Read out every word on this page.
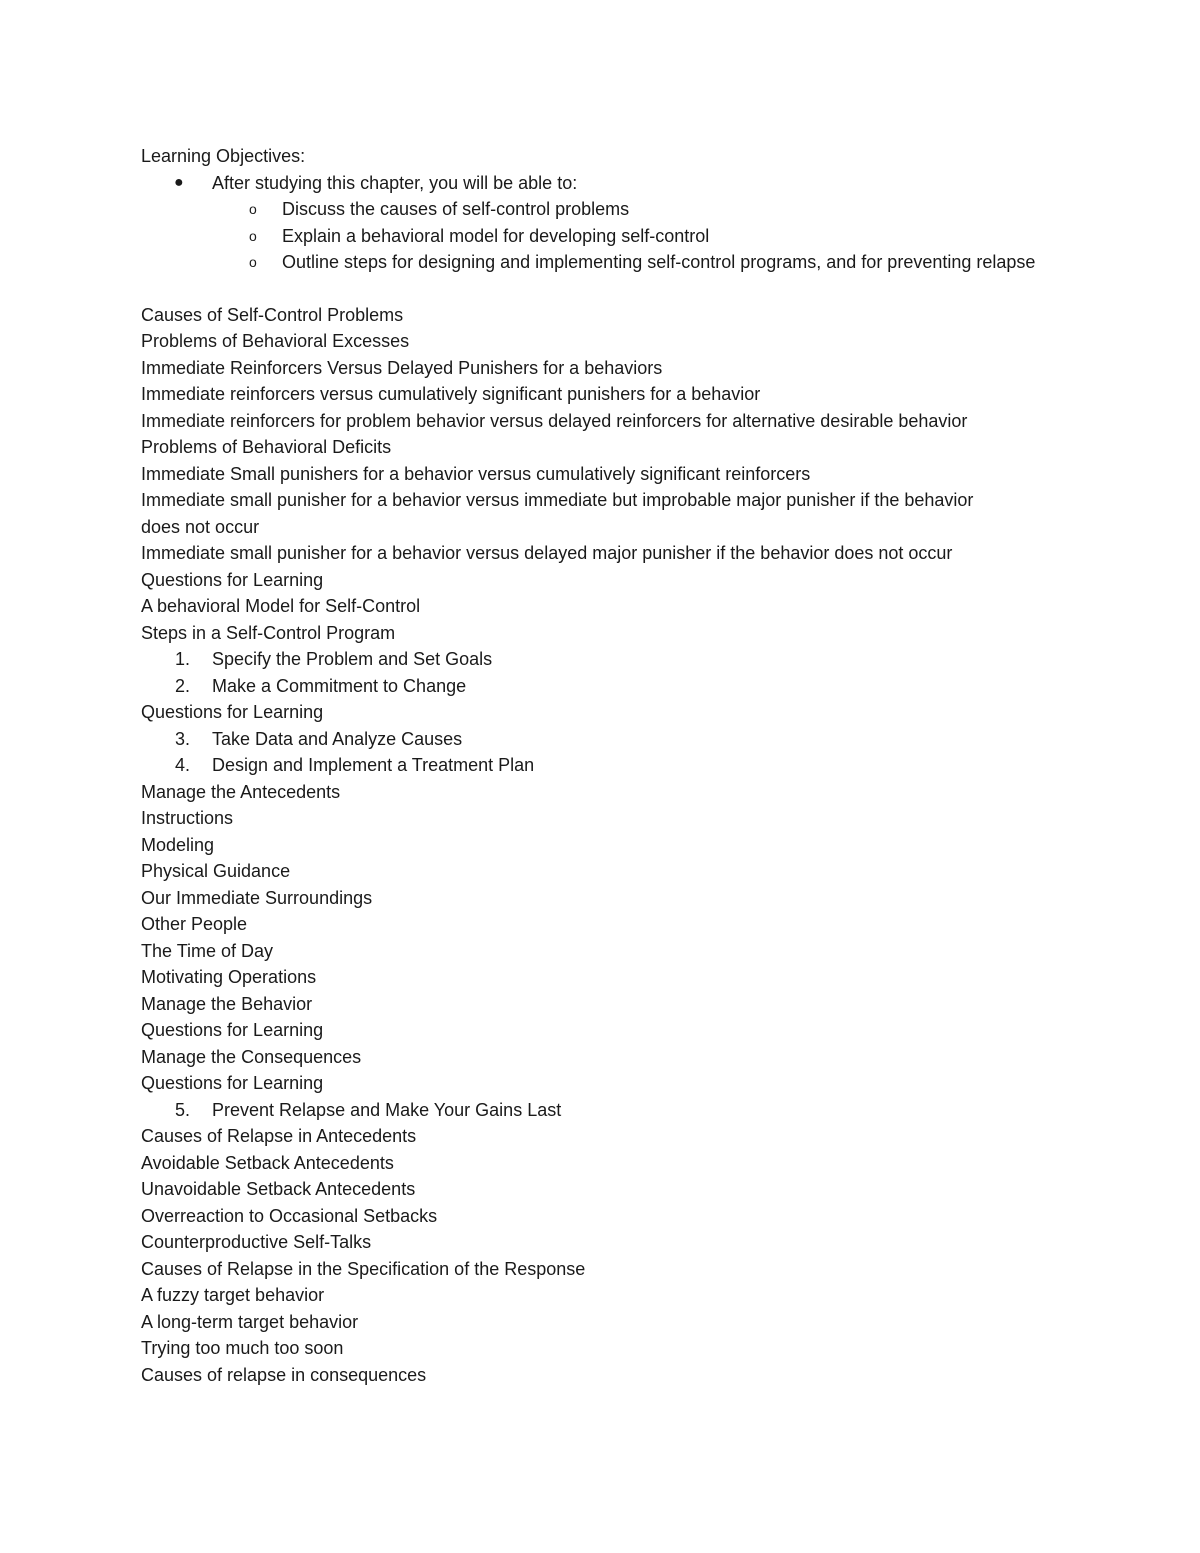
Learning Objectives:

● After studying this chapter, you will be able to:
o Discuss the causes of self-control problems
o Explain a behavioral model for developing self-control
o Outline steps for designing and implementing self-control programs, and for preventing relapse

Causes of Self-Control Problems

Problems of Behavioral Excesses

Immediate Reinforcers Versus Delayed Punishers for a behaviors

Immediate reinforcers versus cumulatively significant punishers for a behavior

Immediate reinforcers for problem behavior versus delayed reinforcers for alternative desirable behavior

Problems of Behavioral Deficits

Immediate Small punishers for a behavior versus cumulatively significant reinforcers

Immediate small punisher for a behavior versus immediate but improbable major punisher if the behavior does not occur

Immediate small punisher for a behavior versus delayed major punisher if the behavior does not occur

Questions for Learning

A behavioral Model for Self-Control

Steps in a Self-Control Program

1. Specify the Problem and Set Goals
2. Make a Commitment to Change

Questions for Learning

3. Take Data and Analyze Causes
4. Design and Implement a Treatment Plan

Manage the Antecedents

Instructions

Modeling

Physical Guidance

Our Immediate Surroundings

Other People

The Time of Day

Motivating Operations

Manage the Behavior

Questions for Learning

Manage the Consequences

Questions for Learning

5. Prevent Relapse and Make Your Gains Last

Causes of Relapse in Antecedents

Avoidable Setback Antecedents

Unavoidable Setback Antecedents

Overreaction to Occasional Setbacks

Counterproductive Self-Talks

Causes of Relapse in the Specification of the Response

A fuzzy target behavior

A long-term target behavior

Trying too much too soon

Causes of relapse in consequences
